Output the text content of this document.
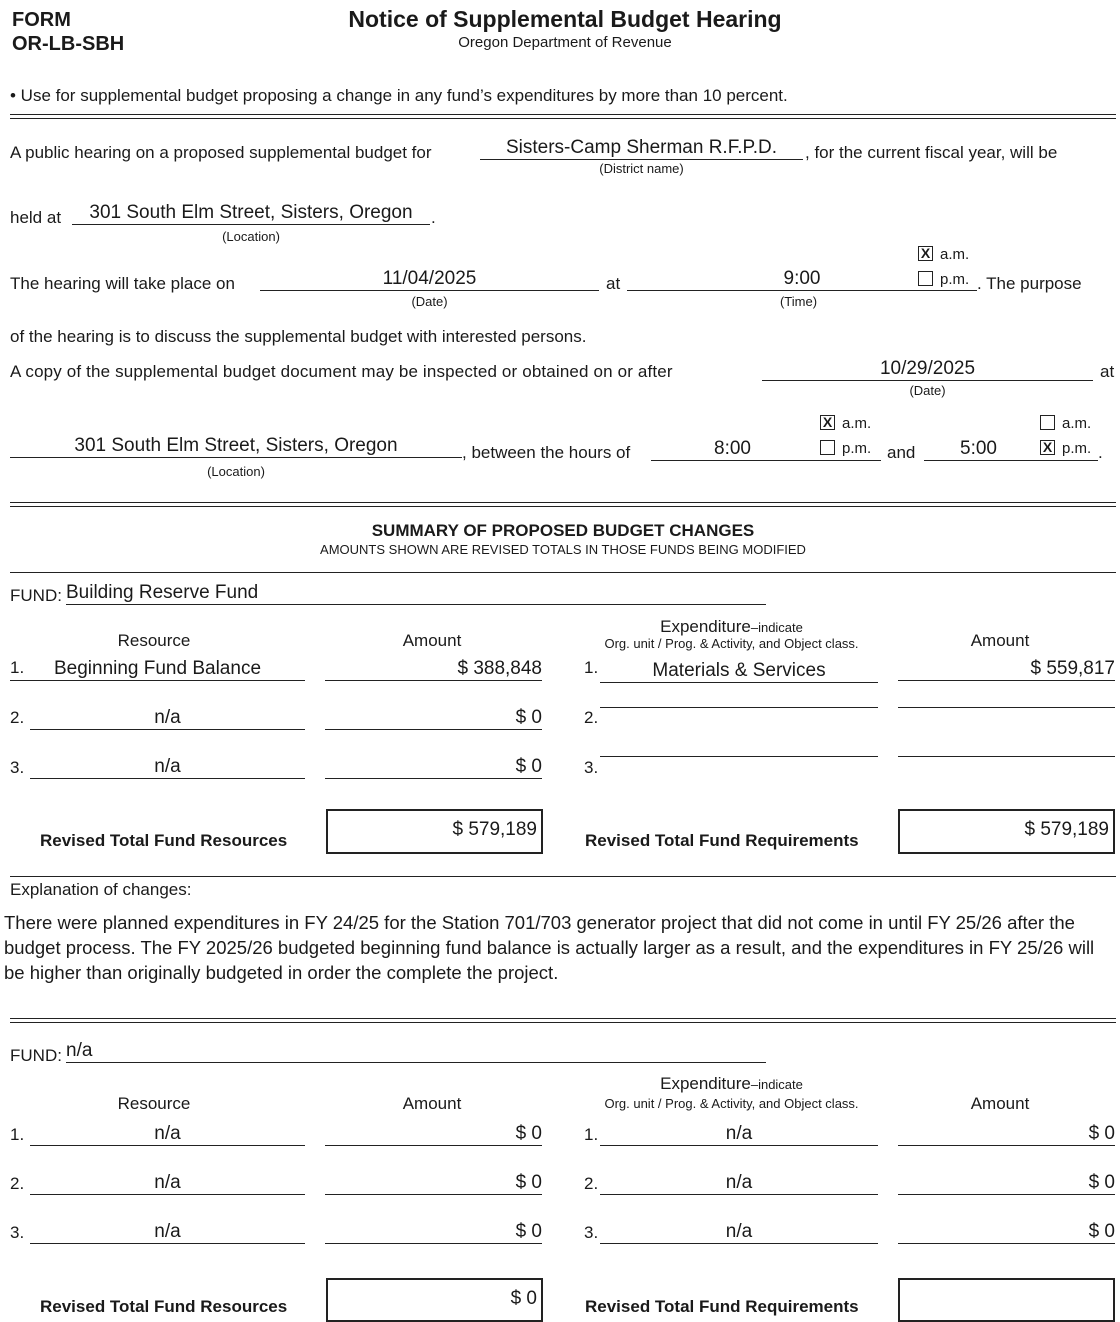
FORM
OR-LB-SBH
Notice of Supplemental Budget Hearing
Oregon Department of Revenue
• Use for supplemental budget proposing a change in any fund’s expenditures by more than 10 percent.
A public hearing on a proposed supplemental budget for	Sisters-Camp Sherman R.F.P.D.
(District name)
, for the current fiscal year, will be
held at	301 South Elm Street, Sisters, Oregon
(Location)
.
The hearing will take place on	11/04/2025
(Date)
at	9:00
(Time)
X a.m.
p.m. . The purpose
of the hearing is to discuss the supplemental budget with interested persons.
A copy of the supplemental budget document may be inspected or obtained on or after	10/29/2025
(Date)
at
301 South Elm Street, Sisters, Oregon
(Location)
, between the hours of	8:00
X a.m.
p.m. and	5:00
a.m.
X p.m. .
SUMMARY OF PROPOSED BUDGET CHANGES
AMOUNTS SHOWN ARE REVISED TOTALS IN THOSE FUNDS BEING MODIFIED
FUND: Building Reserve Fund
Resource	Amount
Expenditure–indicate
Org. unit / Prog. & Activity, and Object class.	Amount
1.	Beginning Fund Balance	$ 388,848 1.	Materials & Services	$ 559,817
2.	n/a	$ 0 2.
3.	n/a	$ 0 3.
Revised Total Fund Resources
$ 579,189
Revised Total Fund Requirements
$ 579,189
Explanation of changes:
There were planned expenditures in FY 24/25 for the Station 701/703 generator project that did not come in until FY 25/26 after the budget process. The FY 2025/26 budgeted beginning fund balance is actually larger as a result, and the expenditures in FY 25/26 will be higher than originally budgeted in order the complete the project.
FUND: n/a
Resource	Amount
Expenditure–indicate
Org. unit / Prog. & Activity, and Object class.	Amount
1.	n/a	$ 0 1.	n/a	$ 0
2.	n/a	$ 0 2.	n/a	$ 0
3.	n/a	$ 0 3.	n/a	$ 0
Revised Total Fund Resources	$ 0	Revised Total Fund Requirements
